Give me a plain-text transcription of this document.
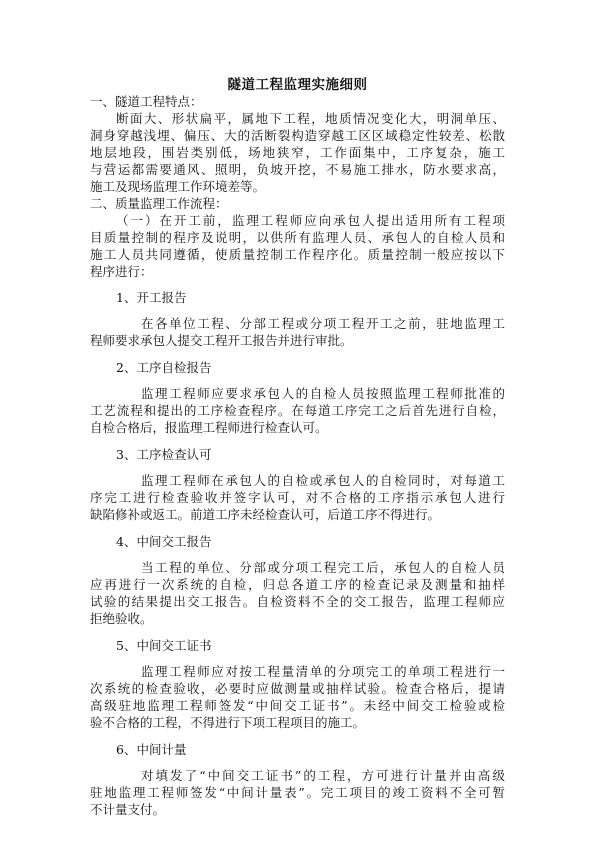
隧道工程监理实施细则
一、隧道工程特点：
断面大、形状扁平，属地下工程，地质情况变化大，明洞单压、
洞身穿越浅埋、偏压、大的活断裂构造穿越工区区域稳定性较差、松散
地层地段，围岩类别低，场地狭窄，工作面集中，工序复杂，施工
与营运都需要通风、照明，负坡开挖，不易施工排水，防水要求高，
施工及现场监理工作环境差等。
二、质量监理工作流程：
（一）在开工前，监理工程师应向承包人提出适用所有工程项
目质量控制的程序及说明，以供所有监理人员、承包人的自检人员和
施工人员共同遵循，使质量控制工作程序化。质量控制一般应按以下
程序进行：
1、开工报告
在各单位工程、分部工程或分项工程开工之前，驻地监理工
程师要求承包人提交工程开工报告并进行审批。
2、工序自检报告
监理工程师应要求承包人的自检人员按照监理工程师批准的
工艺流程和提出的工序检查程序。在每道工序完工之后首先进行自检，
自检合格后，报监理工程师进行检查认可。
3、工序检查认可
监理工程师在承包人的自检或承包人的自检同时，对每道工
序完工进行检查验收并签字认可，对不合格的工序指示承包人进行
缺陷修补或返工。前道工序未经检查认可，后道工序不得进行。
4、中间交工报告
当工程的单位、分部或分项工程完工后，承包人的自检人员
应再进行一次系统的自检，归总各道工序的检查记录及测量和抽样
试验的结果提出交工报告。自检资料不全的交工报告，监理工程师应
拒绝验收。
5、中间交工证书
监理工程师应对按工程量清单的分项完工的单项工程进行一
次系统的检查验收，必要时应做测量或抽样试验。检查合格后，提请
高级驻地监理工程师签发“中间交工证书”。未经中间交工检验或检
验不合格的工程，不得进行下项工程项目的施工。
6、中间计量
对填发了“中间交工证书”的工程，方可进行计量并由高级
驻地监理工程师签发“中间计量表”。完工项目的竣工资料不全可暂
不计量支付。
